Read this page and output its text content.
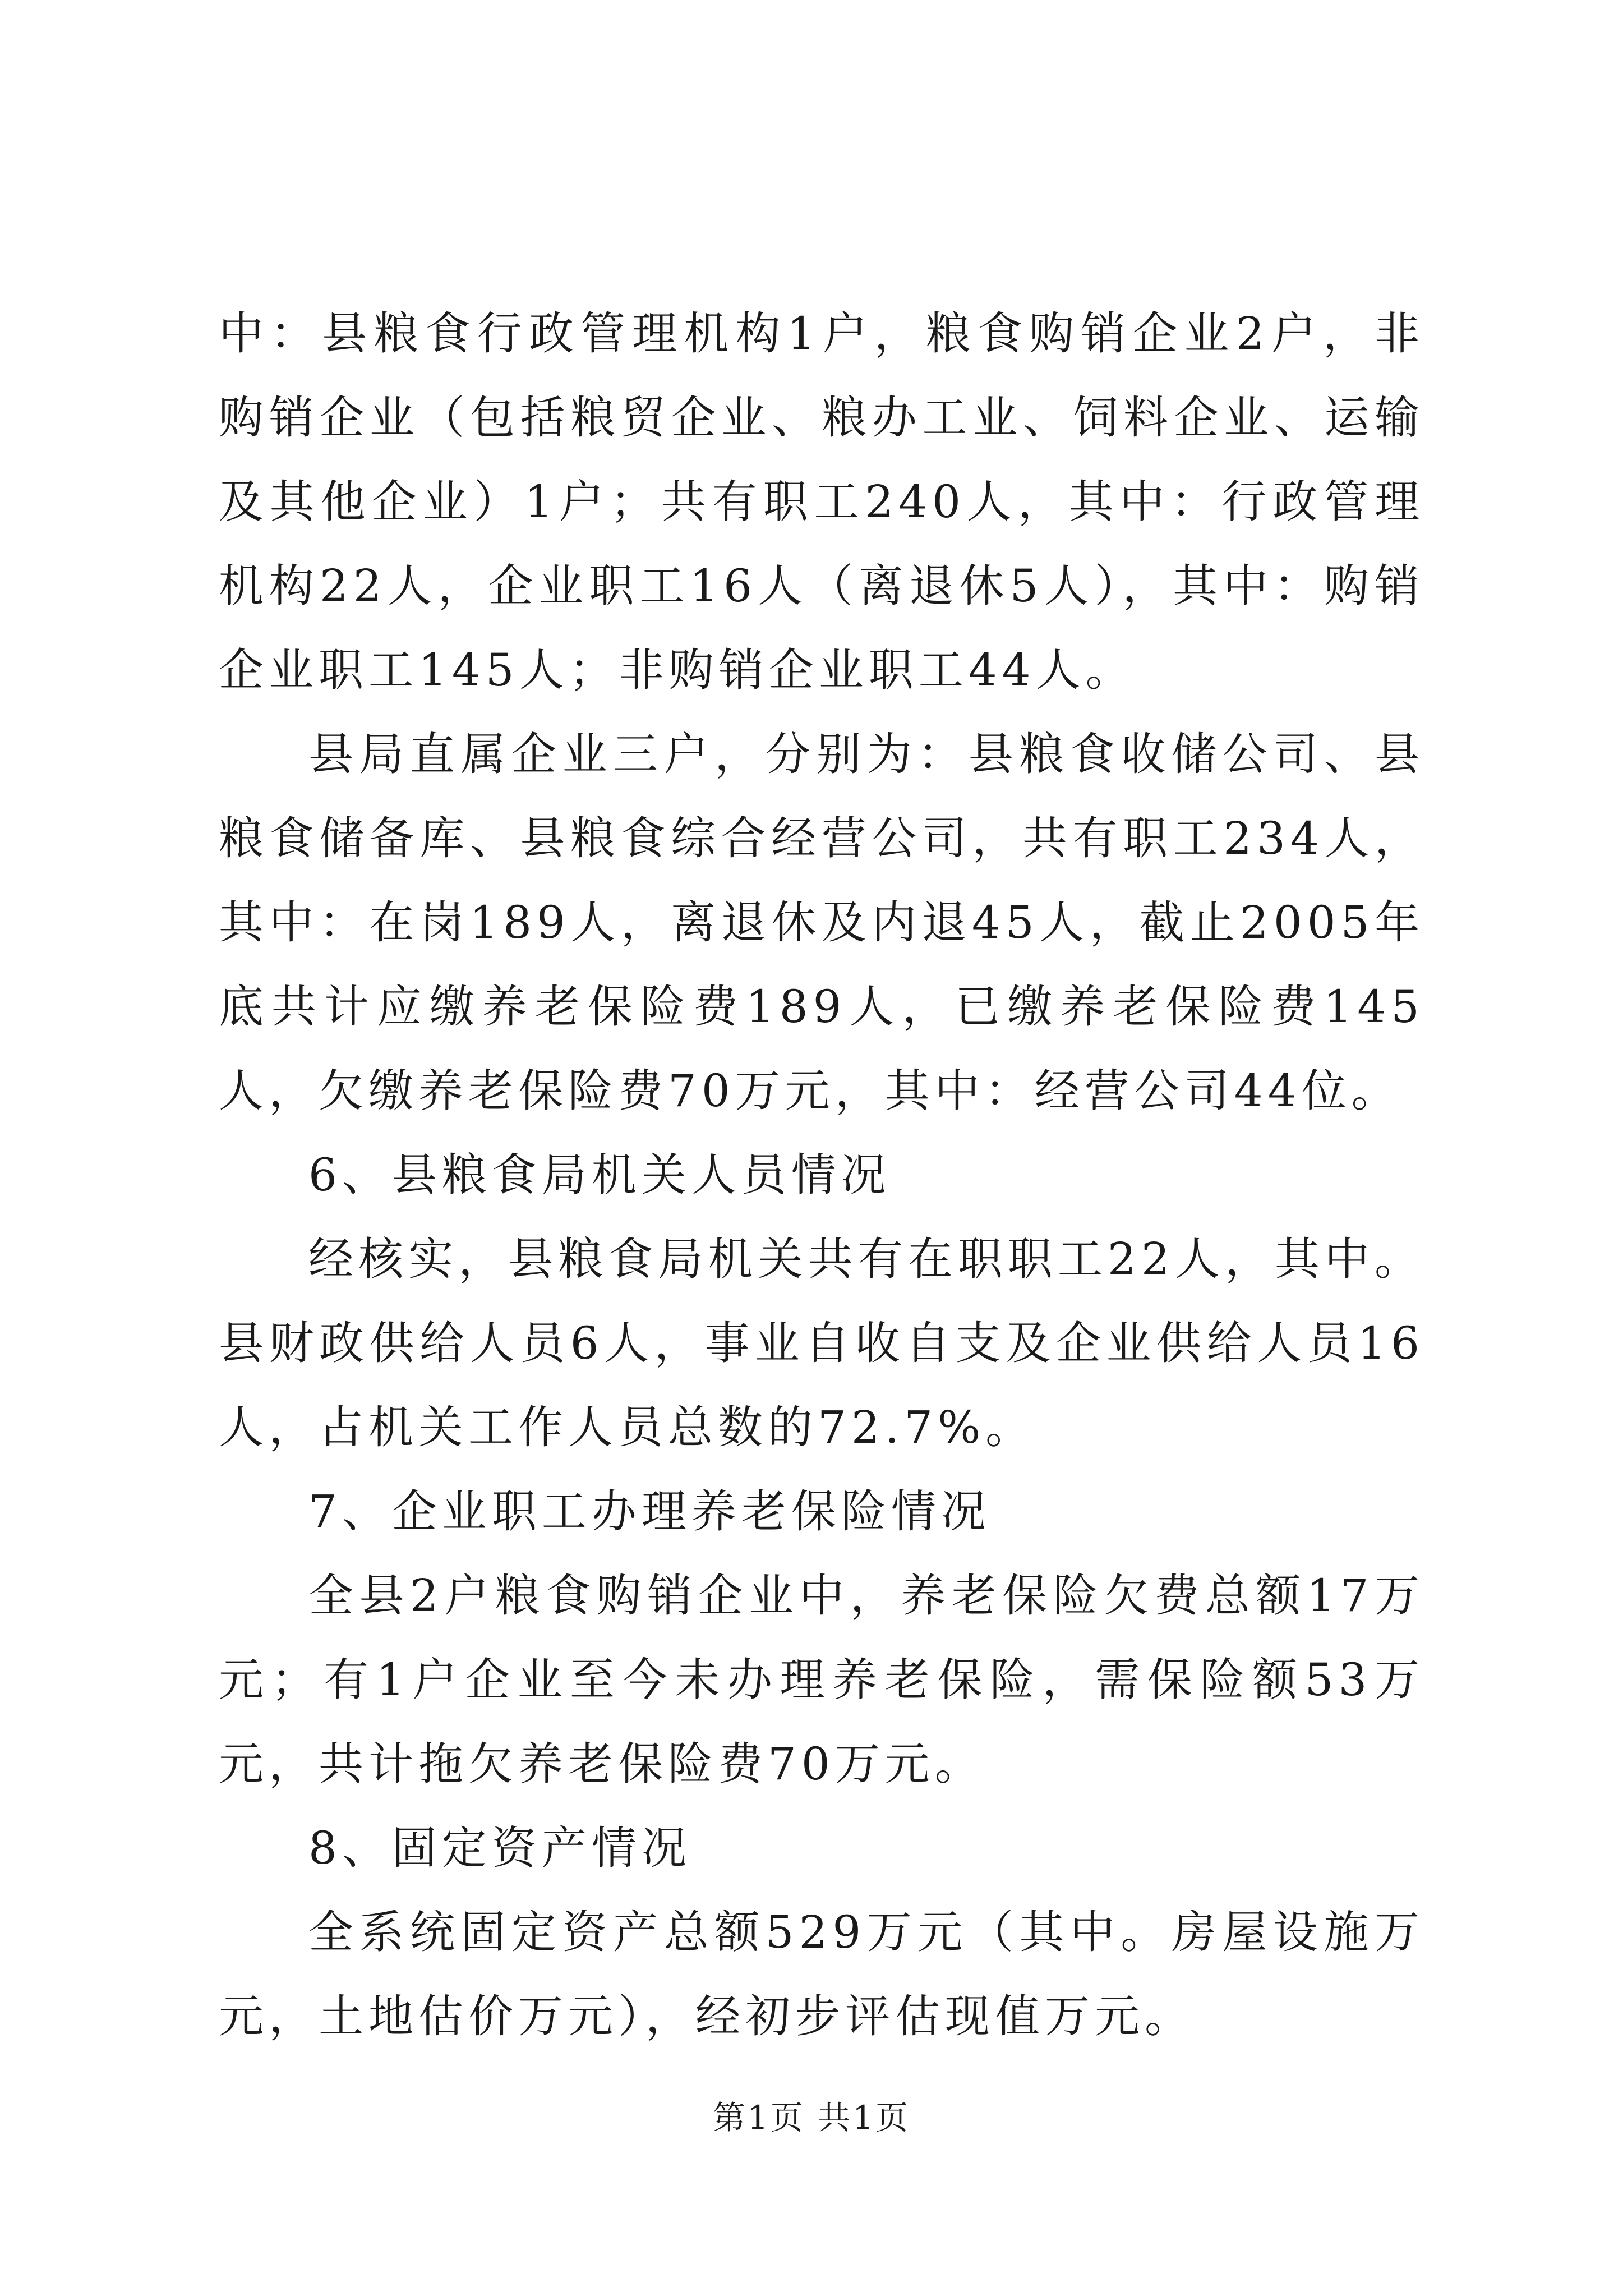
中：县粮食行政管理机构1户，粮食购销企业2户，非购销企业（包括粮贸企业、粮办工业、饲料企业、运输及其他企业）1户；共有职工240人，其中：行政管理机构22人，企业职工16人（离退休5人），其中：购销企业职工145人；非购销企业职工44人。

县局直属企业三户，分别为：县粮食收储公司、县粮食储备库、县粮食综合经营公司，共有职工234人，其中：在岗189人，离退休及内退45人，截止2005年底共计应缴养老保险费189人，已缴养老保险费145人，欠缴养老保险费70万元，其中：经营公司44位。

6、县粮食局机关人员情况

经核实，县粮食局机关共有在职职工22人，其中。县财政供给人员6人，事业自收自支及企业供给人员16人，占机关工作人员总数的72.7%。

7、企业职工办理养老保险情况

全县2户粮食购销企业中，养老保险欠费总额17万元；有1户企业至今未办理养老保险，需保险额53万元，共计拖欠养老保险费70万元。

8、固定资产情况

全系统固定资产总额529万元（其中。房屋设施万元，土地估价万元），经初步评估现值万元。

第1页 共1页
